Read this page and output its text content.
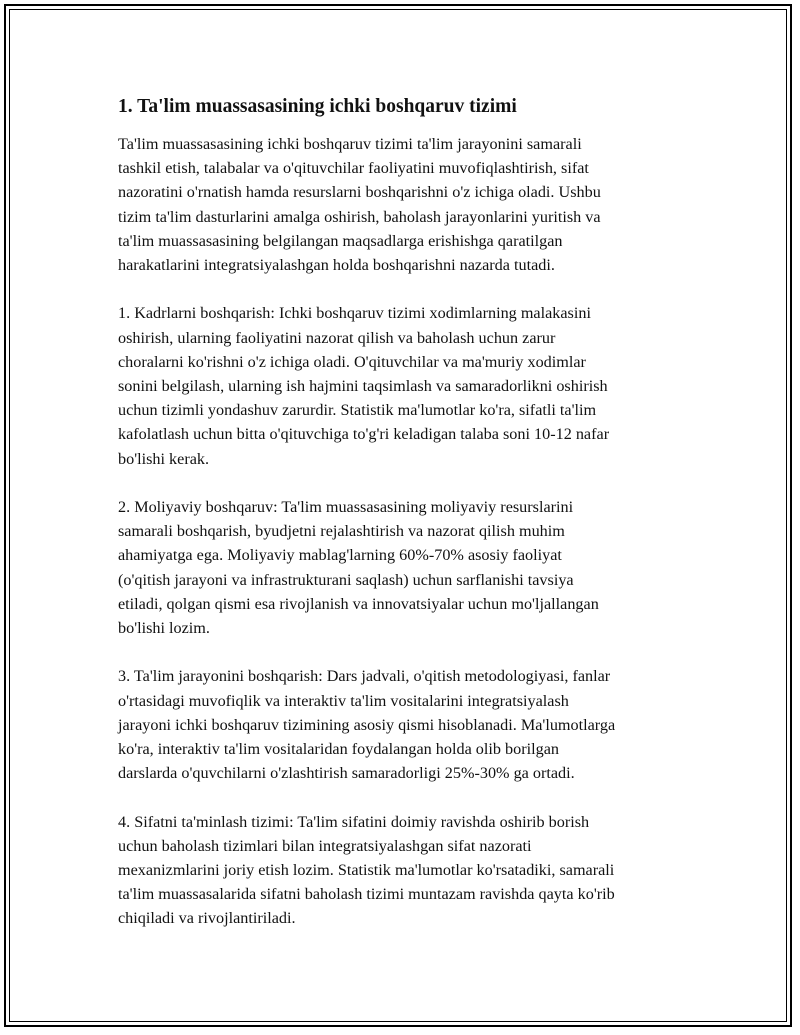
1. Ta'lim muassasasining ichki boshqaruv tizimi

Ta'lim muassasasining ichki boshqaruv tizimi ta'lim jarayonini samarali
tashkil etish, talabalar va o'qituvchilar faoliyatini muvofiqlashtirish, sifat
nazoratini o'rnatish hamda resurslarni boshqarishni o'z ichiga oladi. Ushbu
tizim ta'lim dasturlarini amalga oshirish, baholash jarayonlarini yuritish va
ta'lim muassasasining belgilangan maqsadlarga erishishga qaratilgan
harakatlarini integratsiyalashgan holda boshqarishni nazarda tutadi.

1. Kadrlarni boshqarish: Ichki boshqaruv tizimi xodimlarning malakasini
oshirish, ularning faoliyatini nazorat qilish va baholash uchun zarur
choralarni ko'rishni o'z ichiga oladi. O'qituvchilar va ma'muriy xodimlar
sonini belgilash, ularning ish hajmini taqsimlash va samaradorlikni oshirish
uchun tizimli yondashuv zarurdir. Statistik ma'lumotlar ko'ra, sifatli ta'lim
kafolatlash uchun bitta o'qituvchiga to'g'ri keladigan talaba soni 10-12 nafar
bo'lishi kerak.

2. Moliyaviy boshqaruv: Ta'lim muassasasining moliyaviy resurslarini
samarali boshqarish, byudjetni rejalashtirish va nazorat qilish muhim
ahamiyatga ega. Moliyaviy mablag'larning 60%-70% asosiy faoliyat
(o'qitish jarayoni va infrastrukturani saqlash) uchun sarflanishi tavsiya
etiladi, qolgan qismi esa rivojlanish va innovatsiyalar uchun mo'ljallangan
bo'lishi lozim.

3. Ta'lim jarayonini boshqarish: Dars jadvali, o'qitish metodologiyasi, fanlar
o'rtasidagi muvofiqlik va interaktiv ta'lim vositalarini integratsiyalash
jarayoni ichki boshqaruv tizimining asosiy qismi hisoblanadi. Ma'lumotlarga
ko'ra, interaktiv ta'lim vositalaridan foydalangan holda olib borilgan
darslarda o'quvchilarni o'zlashtirish samaradorligi 25%-30% ga ortadi.

4. Sifatni ta'minlash tizimi: Ta'lim sifatini doimiy ravishda oshirib borish
uchun baholash tizimlari bilan integratsiyalashgan sifat nazorati
mexanizmlarini joriy etish lozim. Statistik ma'lumotlar ko'rsatadiki, samarali
ta'lim muassasalarida sifatni baholash tizimi muntazam ravishda qayta ko'rib
chiqiladi va rivojlantiriladi.
